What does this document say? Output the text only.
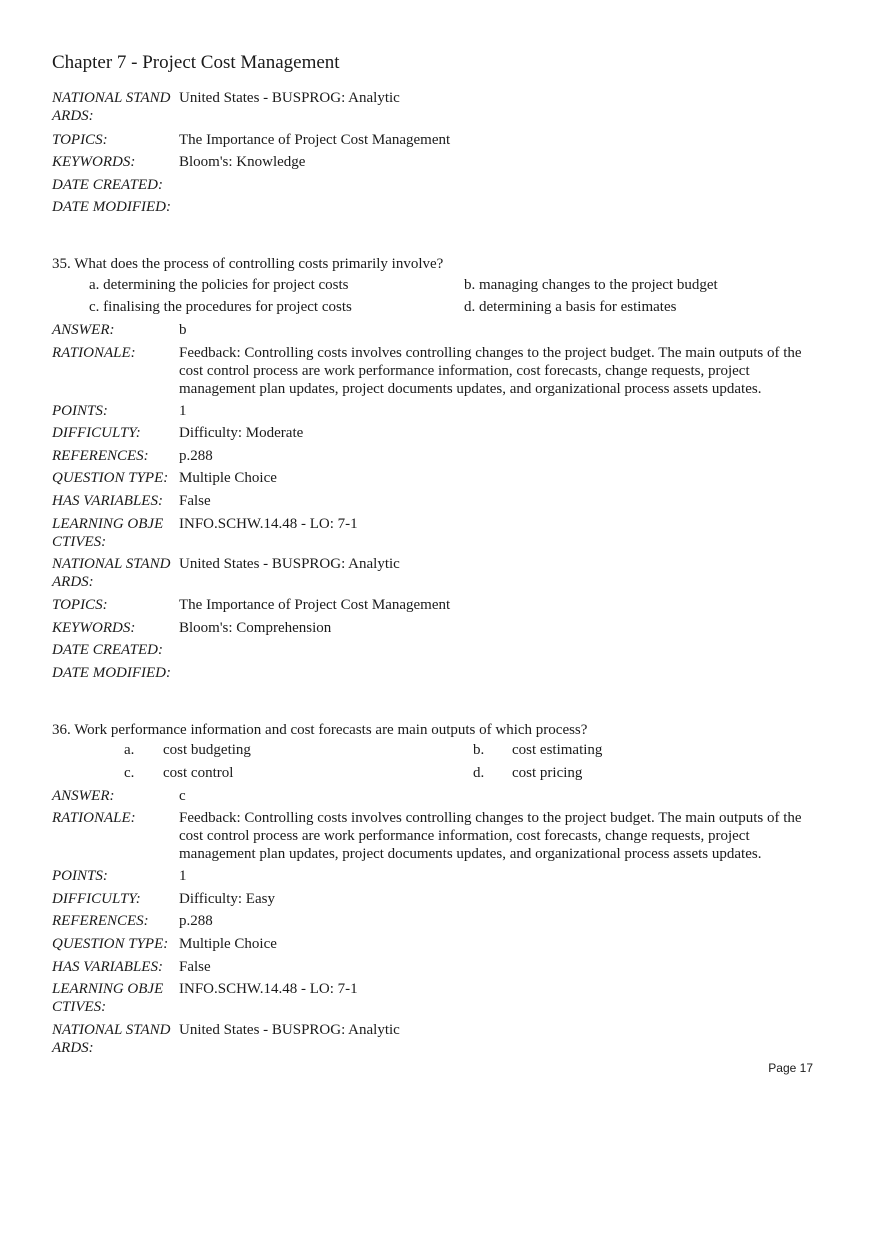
Chapter 7 - Project Cost Management
NATIONAL STAND
ARDS:
United States - BUSPROG: Analytic
TOPICS:	The Importance of Project Cost Management
KEYWORDS:	Bloom's: Knowledge
DATE CREATED:
DATE MODIFIED:
35. What does the process of controlling costs primarily involve?
a. determining the policies for project costs	b. managing changes to the project budget
c. finalising the procedures for project costs	d. determining a basis for estimates
ANSWER:	b
RATIONALE:	Feedback: Controlling costs involves controlling changes to the project budget. The main outputs of the cost control process are work performance information, cost forecasts, change requests, project management plan updates, project documents updates, and organizational process assets updates.
POINTS:	1
DIFFICULTY:	Difficulty: Moderate
REFERENCES:	p.288
QUESTION TYPE: Multiple Choice
HAS VARIABLES:	False
LEARNING OBJE
CTIVES:
INFO.SCHW.14.48 - LO: 7-1
NATIONAL STAND
ARDS:
United States - BUSPROG: Analytic
TOPICS:	The Importance of Project Cost Management
KEYWORDS:	Bloom's: Comprehension
DATE CREATED:
DATE MODIFIED:
36. Work performance information and cost forecasts are main outputs of which process?
a. cost budgeting	b. cost estimating
c. cost control	d. cost pricing
ANSWER:	c
RATIONALE:	Feedback: Controlling costs involves controlling changes to the project budget. The main outputs of the cost control process are work performance information, cost forecasts, change requests, project management plan updates, project documents updates, and organizational process assets updates.
POINTS:	1
DIFFICULTY:	Difficulty: Easy
REFERENCES:	p.288
QUESTION TYPE: Multiple Choice
HAS VARIABLES:	False
LEARNING OBJE
CTIVES:
INFO.SCHW.14.48 - LO: 7-1
NATIONAL STAND
ARDS:
United States - BUSPROG: Analytic
Page 17
